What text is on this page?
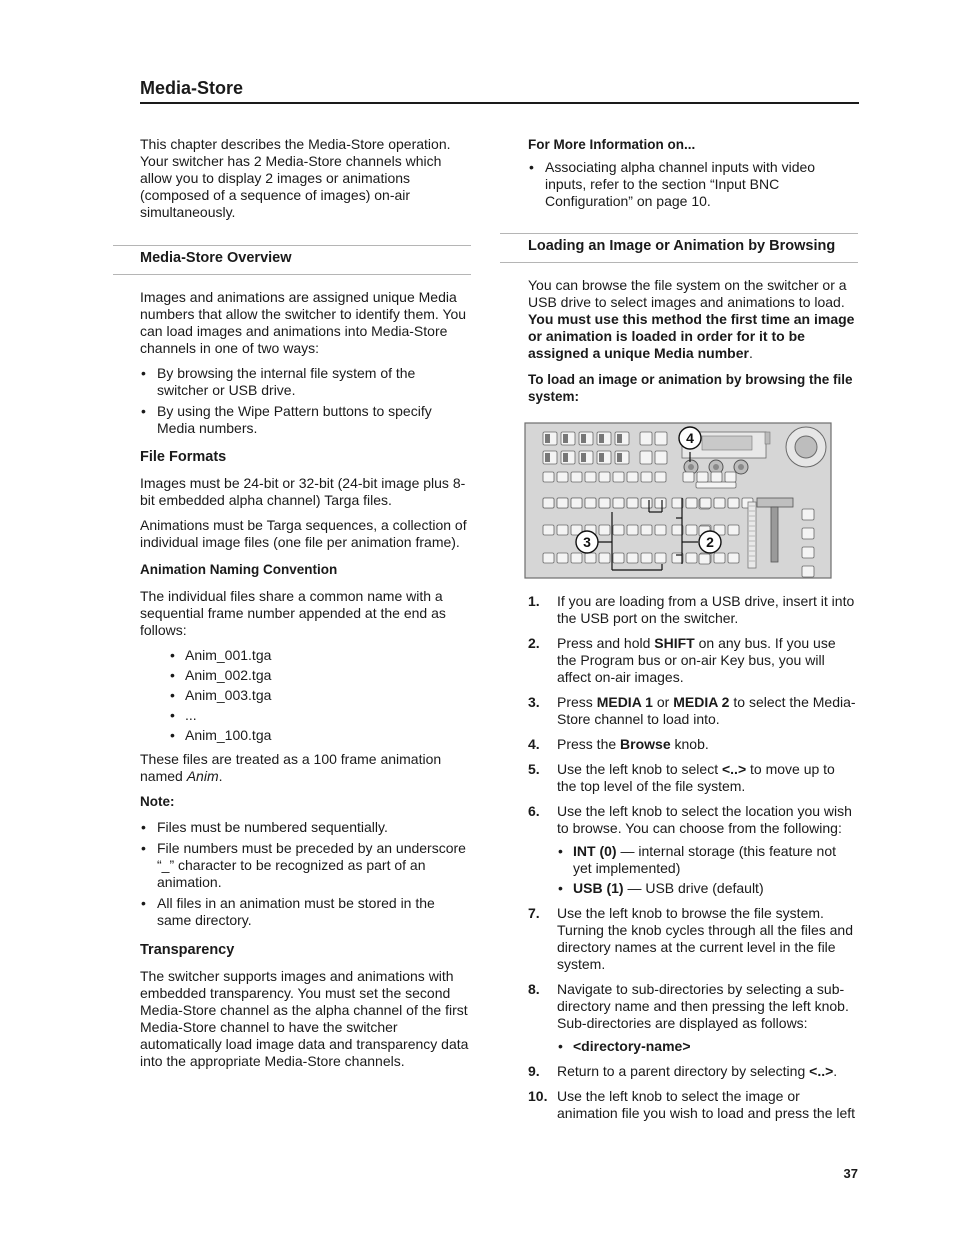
Media-Store

This chapter describes the Media-Store operation. Your switcher has 2 Media-Store channels which allow you to display 2 images or animations (composed of a sequence of images) on-air simultaneously.

Media-Store Overview

Images and animations are assigned unique Media numbers that allow the switcher to identify them. You can load images and animations into Media-Store channels in one of two ways:

• By browsing the internal file system of the switcher or USB drive.
• By using the Wipe Pattern buttons to specify Media numbers.
File Formats

Images must be 24-bit or 32-bit (24-bit image plus 8-bit embedded alpha channel) Targa files.

Animations must be Targa sequences, a collection of individual image files (one file per animation frame).

Animation Naming Convention

The individual files share a common name with a sequential frame number appended at the end as follows:

• Anim_001.tga
• Anim_002.tga
• Anim_003.tga
• ...
• Anim_100.tga

These files are treated as a 100 frame animation named Anim.

Note:

• Files must be numbered sequentially.
• File numbers must be preceded by an underscore “_” character to be recognized as part of an animation.
• All files in an animation must be stored in the same directory.
Transparency

The switcher supports images and animations with embedded transparency. You must set the second Media-Store channel as the alpha channel of the first Media-Store channel to have the switcher automatically load image data and transparency data into the appropriate Media-Store channels.

For More Information on...

• Associating alpha channel inputs with video inputs, refer to the section “Input BNC Configuration” on page 10.
Loading an Image or Animation by Browsing

You can browse the file system on the switcher or a USB drive to select images and animations to load. You must use this method the first time an image or animation is loaded in order for it to be assigned a unique Media number.

To load an image or animation by browsing the file system:

4
3	2
1. If you are loading from a USB drive, insert it into the USB port on the switcher.
2. Press and hold SHIFT on any bus. If you use the Program bus or on-air Key bus, you will affect on-air images.
3. Press MEDIA 1 or MEDIA 2 to select the Media-Store channel to load into.
4. Press the Browse knob.
5. Use the left knob to select <..> to move up to the top level of the file system.
6. Use the left knob to select the location you wish to browse. You can choose from the following:
• INT (0) — internal storage (this feature not yet implemented)
• USB (1) — USB drive (default)
7. Use the left knob to browse the file system. Turning the knob cycles through all the files and directory names at the current level in the file system.
8. Navigate to sub-directories by selecting a sub-directory name and then pressing the left knob. Sub-directories are displayed as follows:
• <directory-name>
9. Return to a parent directory by selecting <..>.
10. Use the left knob to select the image or animation file you wish to load and press the left
37
